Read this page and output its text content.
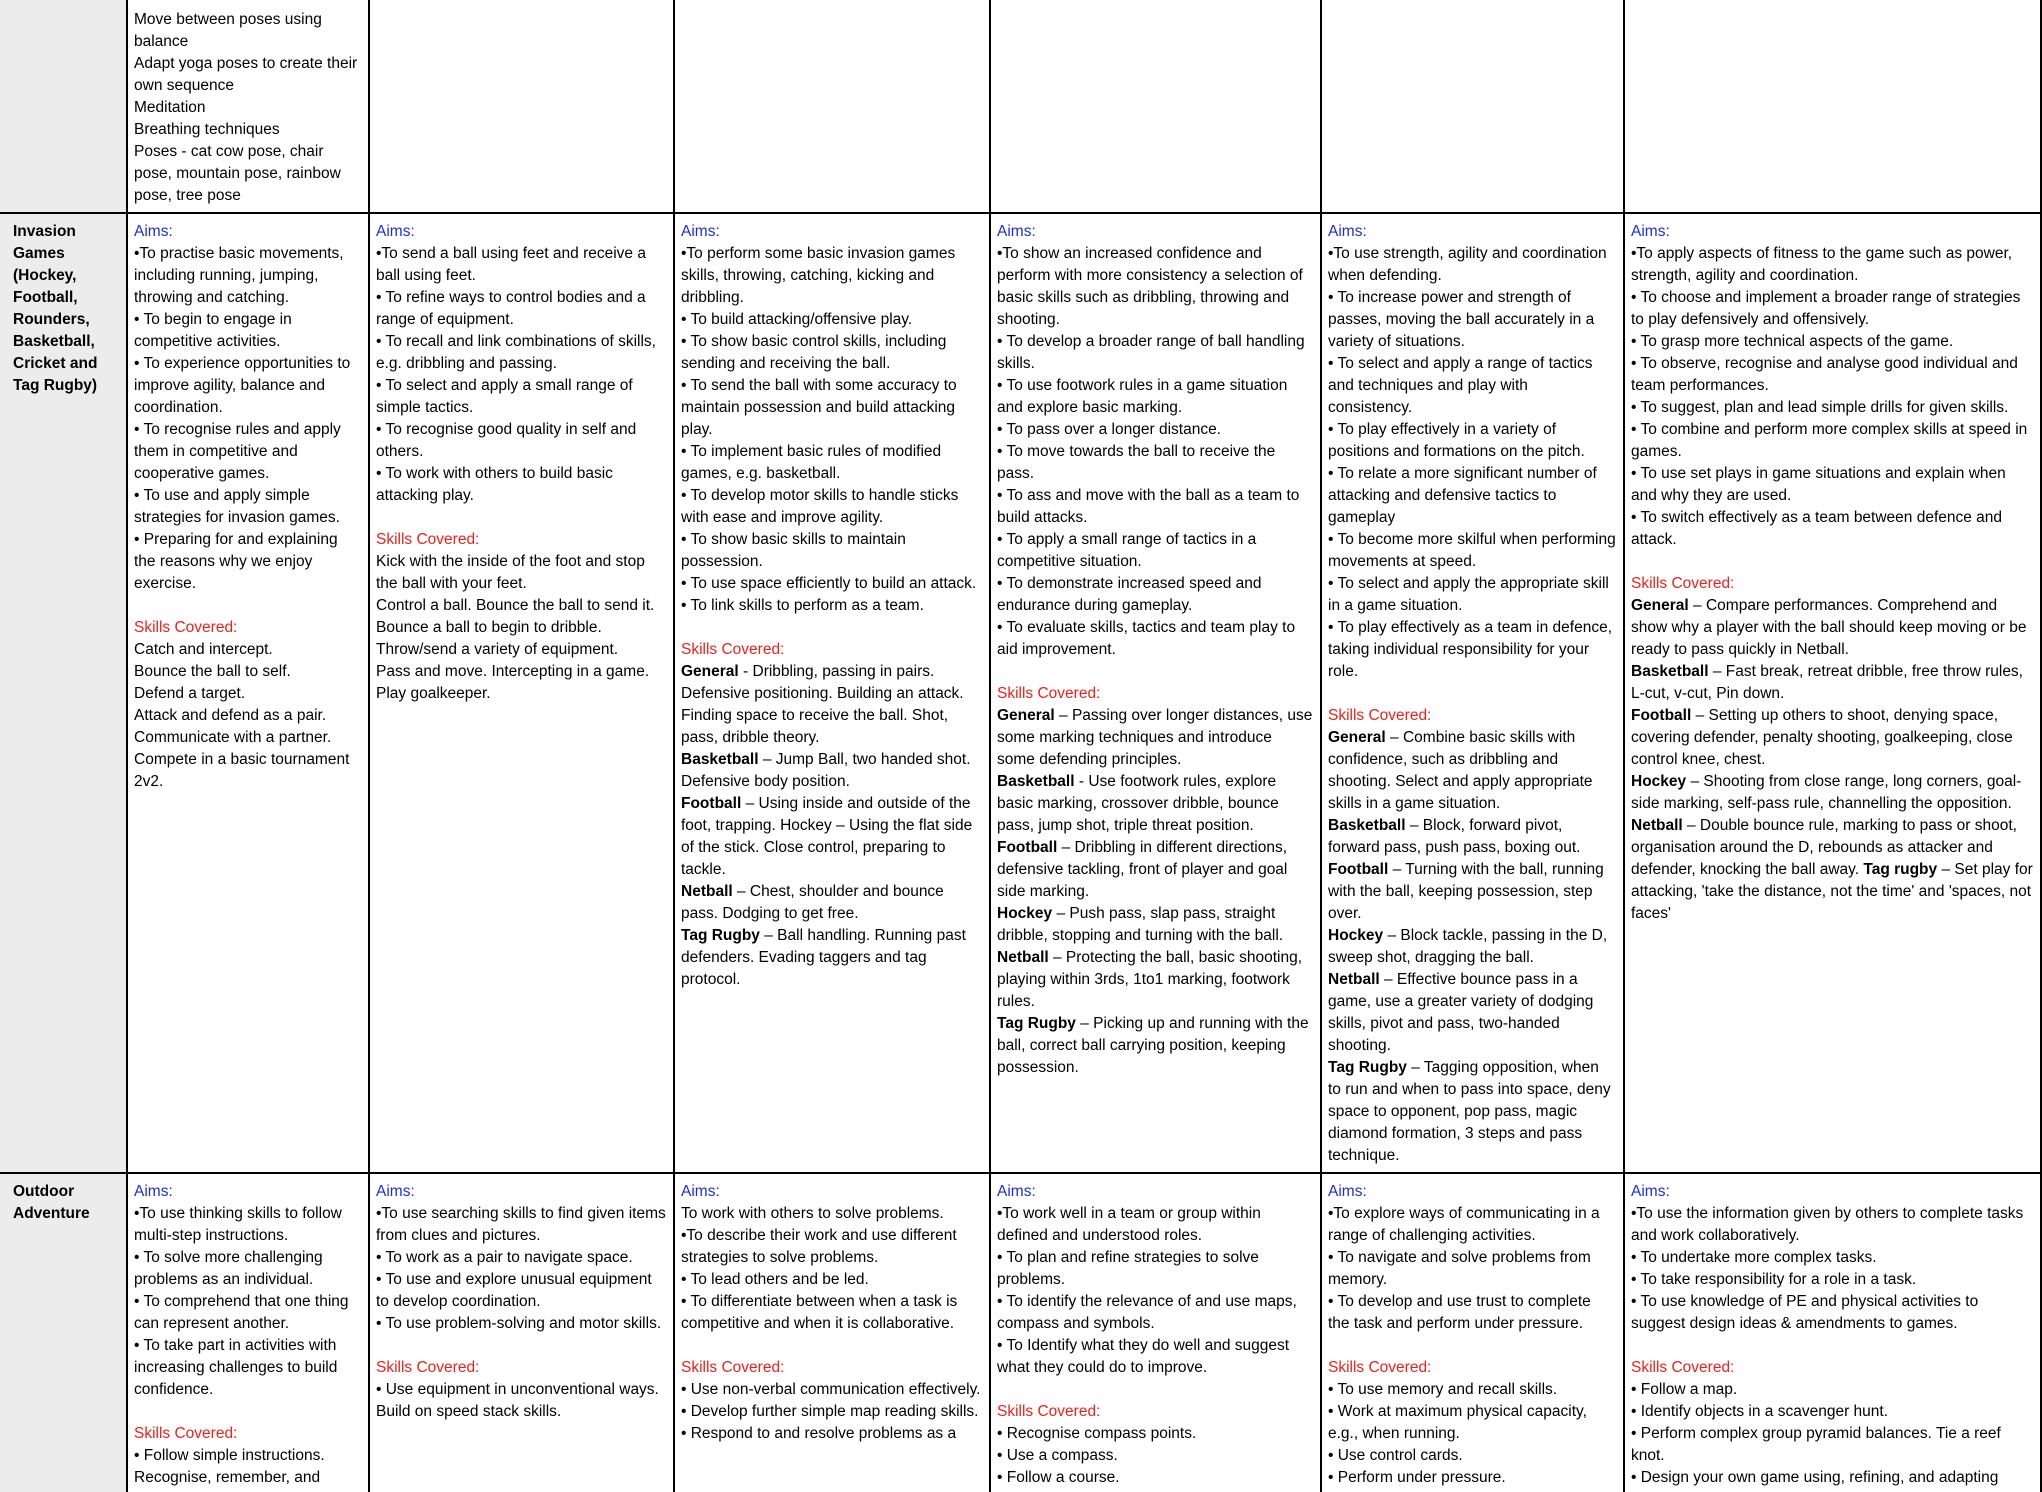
Move between poses using balance

Adapt yoga poses to create their own sequence

Meditation

Breathing techniques

Poses - cat cow pose, chair pose, mountain pose, rainbow pose, tree pose

Invasion Games (Hockey, Football, Rounders, Basketball, Cricket and Tag Rugby)

Aims:

•To practise basic movements, including running, jumping, throwing and catching.

• To begin to engage in competitive activities.

• To experience opportunities to improve agility, balance and coordination.

• To recognise rules and apply them in competitive and cooperative games.

• To use and apply simple strategies for invasion games.

• Preparing for and explaining the reasons why we enjoy exercise.

Skills Covered:

Catch and intercept.

Bounce the ball to self.

Defend a target.

Attack and defend as a pair.

Communicate with a partner.

Compete in a basic tournament 2v2.

Aims:

•To send a ball using feet and receive a ball using feet.

• To refine ways to control bodies and a range of equipment.

• To recall and link combinations of skills, e.g. dribbling and passing.

• To select and apply a small range of simple tactics.

• To recognise good quality in self and others.

• To work with others to build basic attacking play.

Skills Covered:

Kick with the inside of the foot and stop the ball with your feet.

Control a ball. Bounce the ball to send it.

Bounce a ball to begin to dribble.

Throw/send a variety of equipment.

Pass and move. Intercepting in a game.

Play goalkeeper.

Aims:

•To perform some basic invasion games skills, throwing, catching, kicking and dribbling.

• To build attacking/offensive play.

• To show basic control skills, including sending and receiving the ball.

• To send the ball with some accuracy to maintain possession and build attacking play.

• To implement basic rules of modified games, e.g. basketball.

• To develop motor skills to handle sticks with ease and improve agility.

• To show basic skills to maintain possession.

• To use space efficiently to build an attack.

• To link skills to perform as a team.

Skills Covered:

General - Dribbling, passing in pairs. Defensive positioning. Building an attack. Finding space to receive the ball. Shot, pass, dribble theory.

Basketball – Jump Ball, two handed shot. Defensive body position.

Football – Using inside and outside of the foot, trapping. Hockey – Using the flat side of the stick. Close control, preparing to tackle.

Netball – Chest, shoulder and bounce pass. Dodging to get free.

Tag Rugby – Ball handling. Running past defenders. Evading taggers and tag protocol.

Aims:

•To show an increased confidence and perform with more consistency a selection of basic skills such as dribbling, throwing and shooting.

• To develop a broader range of ball handling skills.

• To use footwork rules in a game situation and explore basic marking.

• To pass over a longer distance.

• To move towards the ball to receive the pass.

• To ass and move with the ball as a team to build attacks.

• To apply a small range of tactics in a competitive situation.

• To demonstrate increased speed and endurance during gameplay.

• To evaluate skills, tactics and team play to aid improvement.

Skills Covered:

General – Passing over longer distances, use some marking techniques and introduce some defending principles.

Basketball - Use footwork rules, explore basic marking, crossover dribble, bounce pass, jump shot, triple threat position.

Football – Dribbling in different directions, defensive tackling, front of player and goal side marking.

Hockey – Push pass, slap pass, straight dribble, stopping and turning with the ball.

Netball – Protecting the ball, basic shooting, playing within 3rds, 1to1 marking, footwork rules.

Tag Rugby – Picking up and running with the ball, correct ball carrying position, keeping possession.

Aims:

•To use strength, agility and coordination when defending.

• To increase power and strength of passes, moving the ball accurately in a variety of situations.

• To select and apply a range of tactics and techniques and play with consistency.

• To play effectively in a variety of positions and formations on the pitch.

• To relate a more significant number of attacking and defensive tactics to gameplay

• To become more skilful when performing movements at speed.

• To select and apply the appropriate skill in a game situation.

• To play effectively as a team in defence, taking individual responsibility for your role.

Skills Covered:

General – Combine basic skills with confidence, such as dribbling and shooting. Select and apply appropriate skills in a game situation.

Basketball – Block, forward pivot, forward pass, push pass, boxing out.

Football – Turning with the ball, running with the ball, keeping possession, step over.

Hockey – Block tackle, passing in the D, sweep shot, dragging the ball.

Netball – Effective bounce pass in a game, use a greater variety of dodging skills, pivot and pass, two-handed shooting.

Tag Rugby – Tagging opposition, when to run and when to pass into space, deny space to opponent, pop pass, magic diamond formation, 3 steps and pass technique.

Aims:

•To apply aspects of fitness to the game such as power, strength, agility and coordination.

• To choose and implement a broader range of strategies to play defensively and offensively.

• To grasp more technical aspects of the game.

• To observe, recognise and analyse good individual and team performances.

• To suggest, plan and lead simple drills for given skills.

• To combine and perform more complex skills at speed in games.

• To use set plays in game situations and explain when and why they are used.

• To switch effectively as a team between defence and attack.

Skills Covered:

General – Compare performances. Comprehend and show why a player with the ball should keep moving or be ready to pass quickly in Netball.

Basketball – Fast break, retreat dribble, free throw rules, L-cut, v-cut, Pin down.

Football – Setting up others to shoot, denying space, covering defender, penalty shooting, goalkeeping, close control knee, chest.

Hockey – Shooting from close range, long corners, goal-side marking, self-pass rule, channelling the opposition.

Netball – Double bounce rule, marking to pass or shoot, organisation around the D, rebounds as attacker and defender, knocking the ball away. Tag rugby – Set play for attacking, 'take the distance, not the time' and 'spaces, not faces'

Outdoor Adventure

Aims:

•To use thinking skills to follow multi-step instructions.

• To solve more challenging problems as an individual.

• To comprehend that one thing can represent another.

• To take part in activities with increasing challenges to build confidence.

Skills Covered:

• Follow simple instructions.

Recognise, remember, and

Aims:

•To use searching skills to find given items from clues and pictures.

• To work as a pair to navigate space.

• To use and explore unusual equipment to develop coordination.

• To use problem-solving and motor skills.

Skills Covered:

• Use equipment in unconventional ways. Build on speed stack skills.

Aims:

To work with others to solve problems.

•To describe their work and use different strategies to solve problems.

• To lead others and be led.

• To differentiate between when a task is competitive and when it is collaborative.

Skills Covered:

• Use non-verbal communication effectively.

• Develop further simple map reading skills.

• Respond to and resolve problems as a

Aims:

•To work well in a team or group within defined and understood roles.

• To plan and refine strategies to solve problems.

• To identify the relevance of and use maps, compass and symbols.

• To Identify what they do well and suggest what they could do to improve.

Skills Covered:

• Recognise compass points.

• Use a compass.

• Follow a course.

Aims:

•To explore ways of communicating in a range of challenging activities.

• To navigate and solve problems from memory.

• To develop and use trust to complete the task and perform under pressure.

Skills Covered:

• To use memory and recall skills.

• Work at maximum physical capacity, e.g., when running.

• Use control cards.

• Perform under pressure.

Aims:

•To use the information given by others to complete tasks and work collaboratively.

• To undertake more complex tasks.

• To take responsibility for a role in a task.

• To use knowledge of PE and physical activities to suggest design ideas & amendments to games.

Skills Covered:

• Follow a map.

• Identify objects in a scavenger hunt.

• Perform complex group pyramid balances. Tie a reef knot.

• Design your own game using, refining, and adapting
